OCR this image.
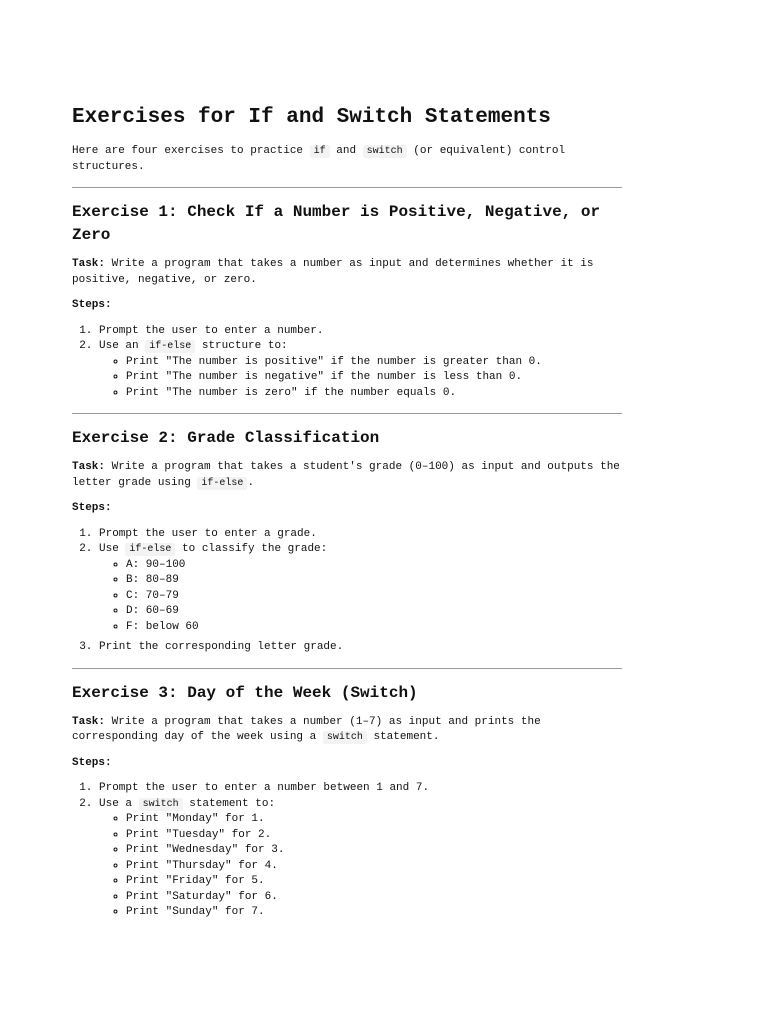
Exercises for If and Switch Statements
Here are four exercises to practice if and switch (or equivalent) control structures.
Exercise 1: Check If a Number is Positive, Negative, or Zero

Task: Write a program that takes a number as input and determines whether it is positive, negative, or zero.

Steps:

1. Prompt the user to enter a number.
2. Use an if-else structure to:
◦ Print "The number is positive" if the number is greater than 0.
◦ Print "The number is negative" if the number is less than 0.
◦ Print "The number is zero" if the number equals 0.
Exercise 2: Grade Classification

Task: Write a program that takes a student's grade (0–100) as input and outputs the letter grade using if-else .

Steps:

1. Prompt the user to enter a grade.
2. Use if-else to classify the grade:
◦ A: 90–100
◦ B: 80–89
◦ C: 70–79
◦ D: 60–69
◦ F: below 60
3. Print the corresponding letter grade.
Exercise 3: Day of the Week (Switch)

Task: Write a program that takes a number (1–7) as input and prints the corresponding day of the week using a switch statement.

Steps:

1. Prompt the user to enter a number between 1 and 7.
2. Use a switch statement to:
◦ Print "Monday" for 1.
◦ Print "Tuesday" for 2.
◦ Print "Wednesday" for 3.
◦ Print "Thursday" for 4.
◦ Print "Friday" for 5.
◦ Print "Saturday" for 6.
◦ Print "Sunday" for 7.
